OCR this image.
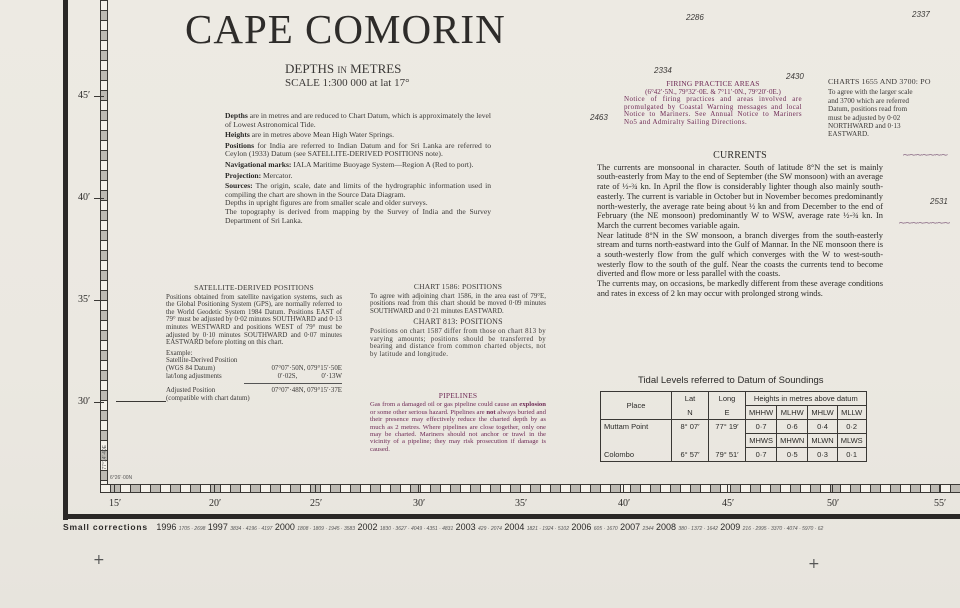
45′
40′
35′
30′
15′	20′	25′	30′	35′	40′	45′	50′	55′
6°26′·00N
77°14′·40E
CAPE COMORIN
DEPTHS IN METRES
SCALE 1:300 000 at lat 17°

Depths are in metres and are reduced to Chart Datum, which is approximately the level of Lowest Astronomical Tide.

Heights are in metres above Mean High Water Springs.

Positions for India are referred to Indian Datum and for Sri Lanka are referred to Ceylon (1933) Datum (see SATELLITE-DERIVED POSITIONS note).

Navigational marks: IALA Maritime Buoyage System—Region A (Red to port).

Projection: Mercator.

Sources: The origin, scale, date and limits of the hydrographic information used in compiling the chart are shown in the Source Data Diagram.

Depths in upright figures are from smaller scale and older surveys.

The topography is derived from mapping by the Survey of India and the Survey Department of Sri Lanka.

SATELLITE-DERIVED POSITIONS
Positions obtained from satellite navigation systems, such as the Global Positioning System (GPS), are normally referred to the World Geodetic System 1984 Datum. Positions EAST of 79° must be adjusted by 0·02 minutes SOUTHWARD and 0·13 minutes WESTWARD and positions WEST of 79° must be adjusted by 0·10 minutes SOUTHWARD and 0·07 minutes EASTWARD before plotting on this chart.
Example:
Satellite-Derived Position
(WGS 84 Datum)	07°07′·50N, 079°15′·50E
lat/long adjustments	0′·02S,	0′·13W
Adjusted Position	07°07′·48N, 079°15′·37E
(compatible with chart datum)
CHART 1586: POSITIONS
To agree with adjoining chart 1586, in the area east of 79°E, positions read from this chart should be moved 0·09 minutes SOUTHWARD and 0·21 minutes EASTWARD.
CHART 813: POSITIONS
Positions on chart 1587 differ from those on chart 813 by varying amounts; positions should be transferred by bearing and distance from common charted objects, not by latitude and longitude.
PIPELINES
Gas from a damaged oil or gas pipeline could cause an explosion or some other serious hazard. Pipelines are not always buried and their presence may effectively reduce the charted depth by as much as 2 metres. Where pipelines are close together, only one may be charted. Mariners should not anchor or trawl in the vicinity of a pipeline; they may risk prosecution if damage is caused.
FIRING PRACTICE AREAS
(6°42′·5N., 79°32′·0E. & 7°11′·0N., 79°20′·0E.)
Notice of firing practices and areas involved are promulgated by Coastal Warning messages and local Notice to Mariners. See Annual Notice to Mariners No5 and Admiralty Sailing Directions.
CHARTS 1655 AND 3700: PO
To agree with the larger scale
and 3700 which are referred
Datum, positions read from
must be adjusted by 0·02
NORTHWARD and 0·13
EASTWARD.
CURRENTS

The currents are monsoonal in character. South of latitude 8°N the set is mainly south-easterly from May to the end of September (the SW monsoon) with an average rate of ½-¾ kn. In April the flow is considerably lighter though also mainly south-easterly. The current is variable in October but in November becomes predominantly north-westerly, the average rate being about ½ kn and from December to the end of February (the NE monsoon) predominantly W to WSW, average rate ½-¾ kn. In March the current becomes variable again.

Near latitude 8°N in the SW monsoon, a branch diverges from the south-easterly stream and turns north-eastward into the Gulf of Mannar. In the NE monsoon there is a south-westerly flow from the gulf which converges with the W to west-south-westerly flow to the south of the gulf. Near the coasts the currents tend to become diverted and flow more or less parallel with the coasts.

The currents may, on occasions, be markedly different from these average conditions and rates in excess of 2 kn may occur with prolonged strong winds.

2286	2337
2334
2430
2463
2531
∼∼∼∼∼∼∼
∼∼∼∼∼∼∼∼
Tidal Levels referred to Datum of Soundings
Place	Lat	Long	Heights in metres above datum			
	N	E	MHHW	MLHW	MHLW	MLLW
Muttam Point	8° 07′	77° 19′	0·7	0·6	0·4	0·2
			MHWS	MHWN	MLWN	MLWS
Colombo	6° 57′	79° 51′	0·7	0·5	0·3	0·1
Small corrections 1996 1705 · 2698 1997 3834 · 4196 · 4197 2000 1808 · 1809 · 1945 · 3583 2002 1830 · 3627 · 4049 · 4351 · 4831 2003 429 · 2074 2004 1821 · 1924 · 5102 2006 605 · 1670 2007 2344 2008 380 · 1372 · 1642 2009 216 · 2995 · 3370 · 4074 · 5970 · 62
+	+
